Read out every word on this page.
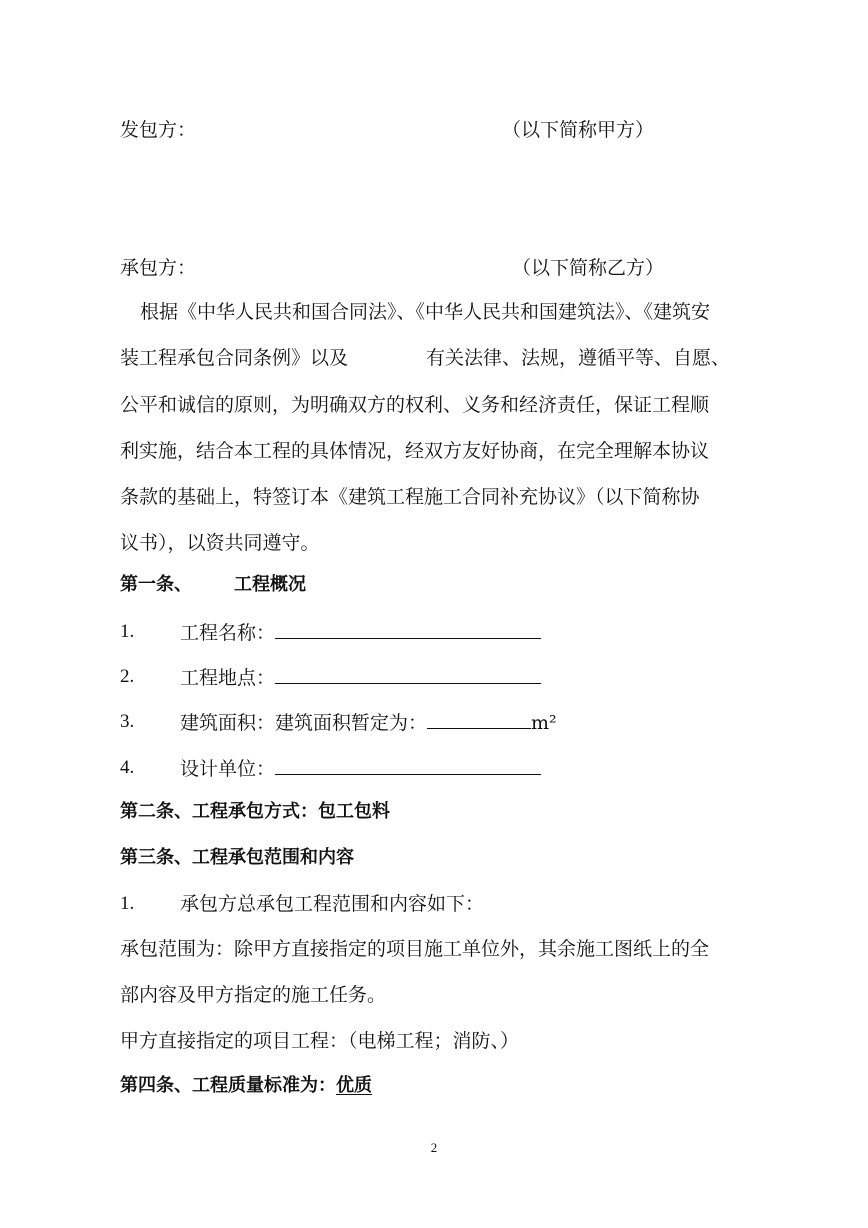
发包方：	（以下简称甲方）
承包方：	（以下简称乙方）
根据《中华人民共和国合同法》、《中华人民共和国建筑法》、《建筑安
装工程承包合同条例》以及	有关法律、法规，遵循平等、自愿、
公平和诚信的原则，为明确双方的权利、义务和经济责任，保证工程顺
利实施，结合本工程的具体情况，经双方友好协商，在完全理解本协议
条款的基础上，特签订本《建筑工程施工合同补充协议》（以下简称协
议书），以资共同遵守。
第一条、 工程概况
1. 工程名称：
2. 工程地点：
3. 建筑面积：建筑面积暂定为：	m²
4. 设计单位：
第二条、工程承包方式：包工包料
第三条、工程承包范围和内容
1. 承包方总承包工程范围和内容如下：
承包范围为：除甲方直接指定的项目施工单位外，其余施工图纸上的全
部内容及甲方指定的施工任务。
甲方直接指定的项目工程：（电梯工程；消防、）
第四条、工程质量标准为：优质
2
